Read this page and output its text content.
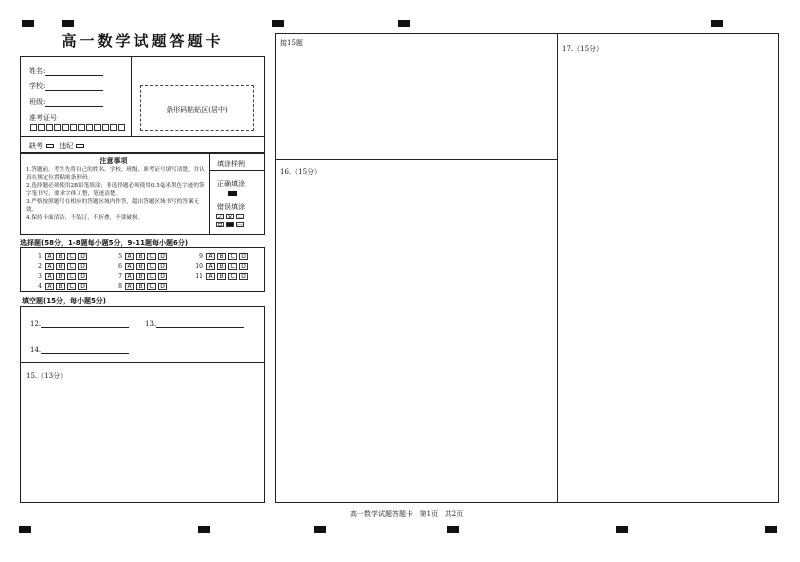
高一数学试题答题卡
姓名:
学校:
班级:
准考证号
缺考 违纪
条形码粘贴区(居中)
注意事项
1.答题前，考生先将自己的姓名、学校、班级、准考证号填写清楚，并认真在规定位置粘贴条形码。
2.选择题必须使用2B铅笔填涂；非选择题必须使用0.5毫米黑色字迹的签字笔书写，要求字体工整，笔迹清楚。
3.严格按照题号在相应的答题区域内作答，超出答题区域书写的答案无效。
4.保持卡面清洁，不装订，不折叠，不要破损。
填涂样例
正确填涂
错误填涂
✓ ✕ ‒
⊟ ▭
选择题(58分，1-8题每小题5分，9-11题每小题6分)
1 A B C D
2 A B C D
3 A B C D
4 A B C D
5 A B C D
6 A B C D
7 A B C D
8 A B C D
9 A B C D
10 A B C D
11 A B C D
填空题(15分，每小题5分)
12.	13.
14.
15.（13分）
接15题
16.（15分）
17.（15分）
高一数学试题答题卡   第1页   共2页
